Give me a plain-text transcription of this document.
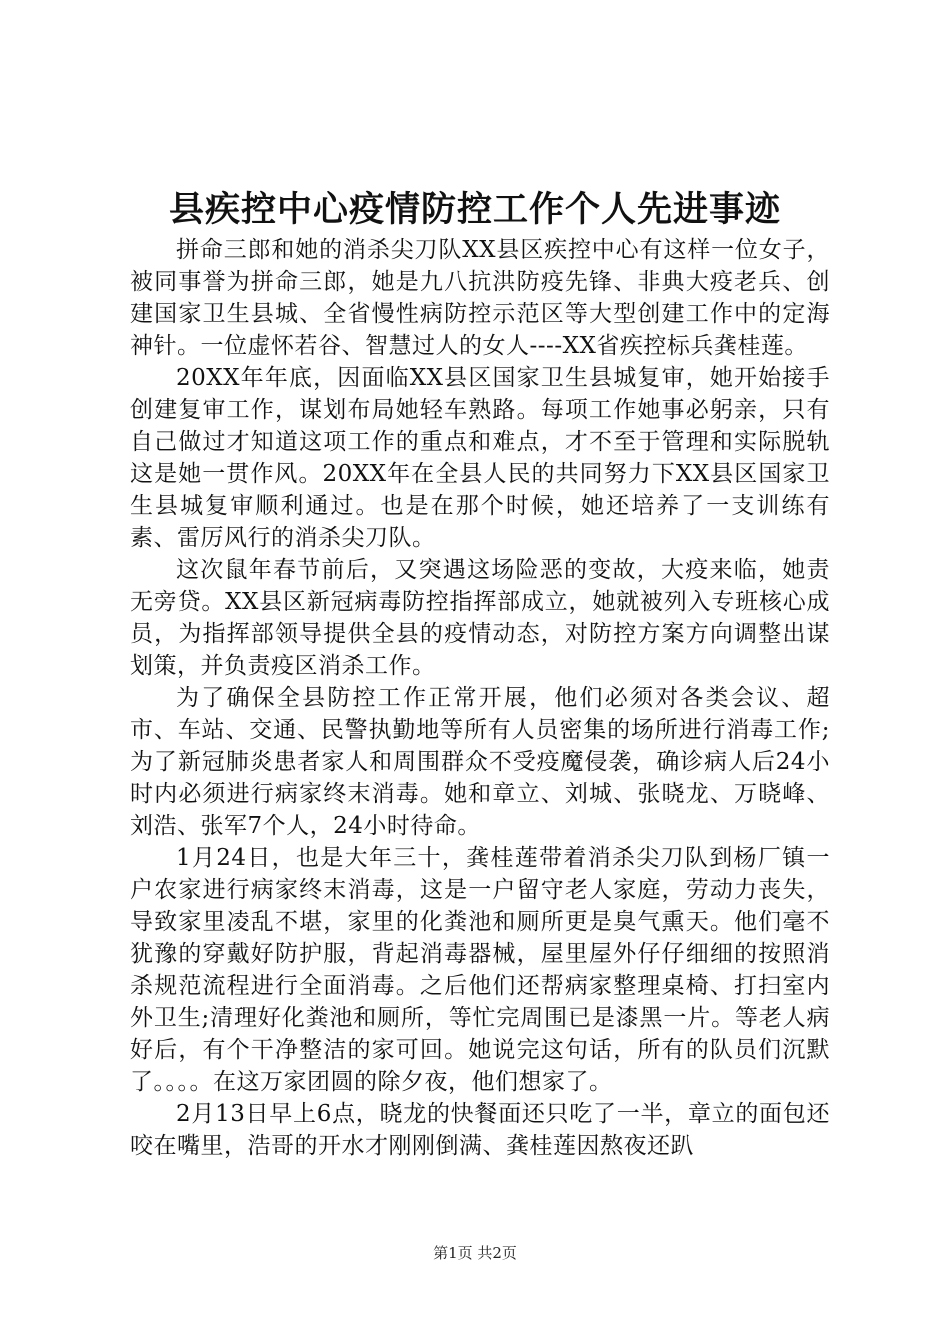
县疾控中心疫情防控工作个人先进事迹

拼命三郎和她的消杀尖刀队XX县区疾控中心有这样一位女子，被同事誉为拼命三郎，她是九八抗洪防疫先锋、非典大疫老兵、创建国家卫生县城、全省慢性病防控示范区等大型创建工作中的定海神针。一位虚怀若谷、智慧过人的女人----XX省疾控标兵龚桂莲。

20XX年年底，因面临XX县区国家卫生县城复审，她开始接手创建复审工作，谋划布局她轻车熟路。每项工作她事必躬亲，只有自己做过才知道这项工作的重点和难点，才不至于管理和实际脱轨这是她一贯作风。20XX年在全县人民的共同努力下XX县区国家卫生县城复审顺利通过。也是在那个时候，她还培养了一支训练有素、雷厉风行的消杀尖刀队。

这次鼠年春节前后，又突遇这场险恶的变故，大疫来临，她责无旁贷。XX县区新冠病毒防控指挥部成立，她就被列入专班核心成员，为指挥部领导提供全县的疫情动态，对防控方案方向调整出谋划策，并负责疫区消杀工作。

为了确保全县防控工作正常开展，他们必须对各类会议、超市、车站、交通、民警执勤地等所有人员密集的场所进行消毒工作;为了新冠肺炎患者家人和周围群众不受疫魔侵袭，确诊病人后24小时内必须进行病家终末消毒。她和章立、刘城、张晓龙、万晓峰、刘浩、张军7个人，24小时待命。

1月24日，也是大年三十，龚桂莲带着消杀尖刀队到杨厂镇一户农家进行病家终末消毒，这是一户留守老人家庭，劳动力丧失，导致家里凌乱不堪，家里的化粪池和厕所更是臭气熏天。他们毫不犹豫的穿戴好防护服，背起消毒器械，屋里屋外仔仔细细的按照消杀规范流程进行全面消毒。之后他们还帮病家整理桌椅、打扫室内外卫生;清理好化粪池和厕所，等忙完周围已是漆黑一片。等老人病好后，有个干净整洁的家可回。她说完这句话，所有的队员们沉默了。。。。在这万家团圆的除夕夜，他们想家了。

2月13日早上6点，晓龙的快餐面还只吃了一半，章立的面包还咬在嘴里，浩哥的开水才刚刚倒满、龚桂莲因熬夜还趴

第1页 共2页
